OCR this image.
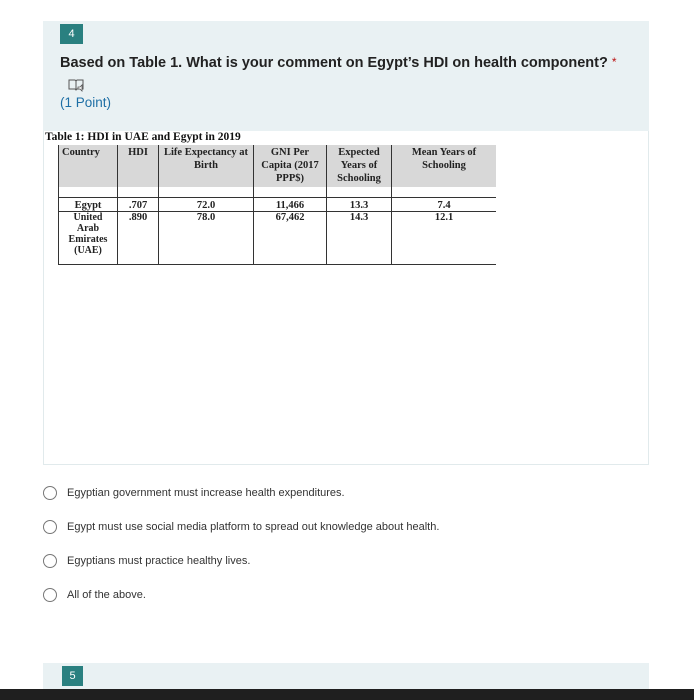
4
Based on Table 1. What is your comment on Egypt’s HDI on health component? *
(1 Point)
Table 1: HDI in UAE and Egypt in 2019
Country	HDI	Life Expectancy at Birth	GNI Per Capita (2017 PPP$)	Expected Years of Schooling	Mean Years of Schooling

Egypt	.707	72.0	11,466	13.3	7.4
United Arab Emirates (UAE)	.890	78.0	67,462	14.3	12.1
Egyptian government must increase health expenditures.
Egypt must use social media platform to spread out knowledge about health.
Egyptians must practice healthy lives.
All of the above.
5
